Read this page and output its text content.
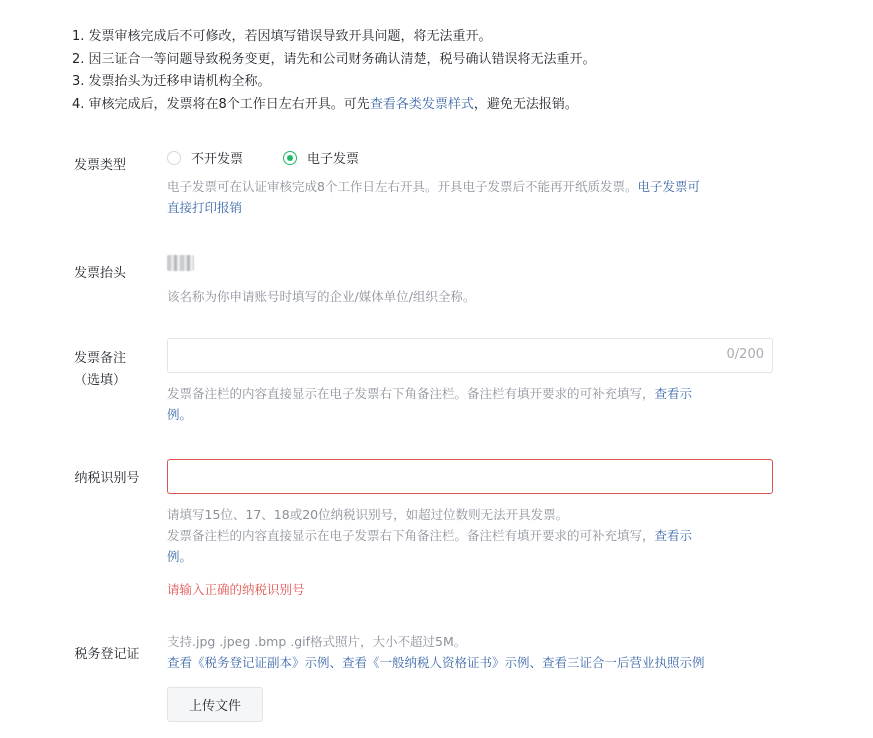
1. 发票审核完成后不可修改，若因填写错误导致开具问题，将无法重开。
2. 因三证合一等问题导致税务变更，请先和公司财务确认清楚，税号确认错误将无法重开。
3. 发票抬头为迁移申请机构全称。
4. 审核完成后，发票将在8个工作日左右开具。可先查看各类发票样式，避免无法报销。
发票类型	不开发票	电子发票
电子发票可在认证审核完成8个工作日左右开具。开具电子发票后不能再开纸质发票。电子发票可
直接打印报销
发票抬头
该名称为你申请账号时填写的企业/媒体单位/组织全称。
发票备注
（选填）
0/200
发票备注栏的内容直接显示在电子发票右下角备注栏。备注栏有填开要求的可补充填写，查看示
例。
纳税识别号
请填写15位、17、18或20位纳税识别号，如超过位数则无法开具发票。
发票备注栏的内容直接显示在电子发票右下角备注栏。备注栏有填开要求的可补充填写，查看示
例。
请输入正确的纳税识别号
税务登记证
支持.jpg .jpeg .bmp .gif格式照片，大小不超过5M。
查看《税务登记证副本》示例、查看《一般纳税人资格证书》示例、查看三证合一后营业执照示例
上传文件
